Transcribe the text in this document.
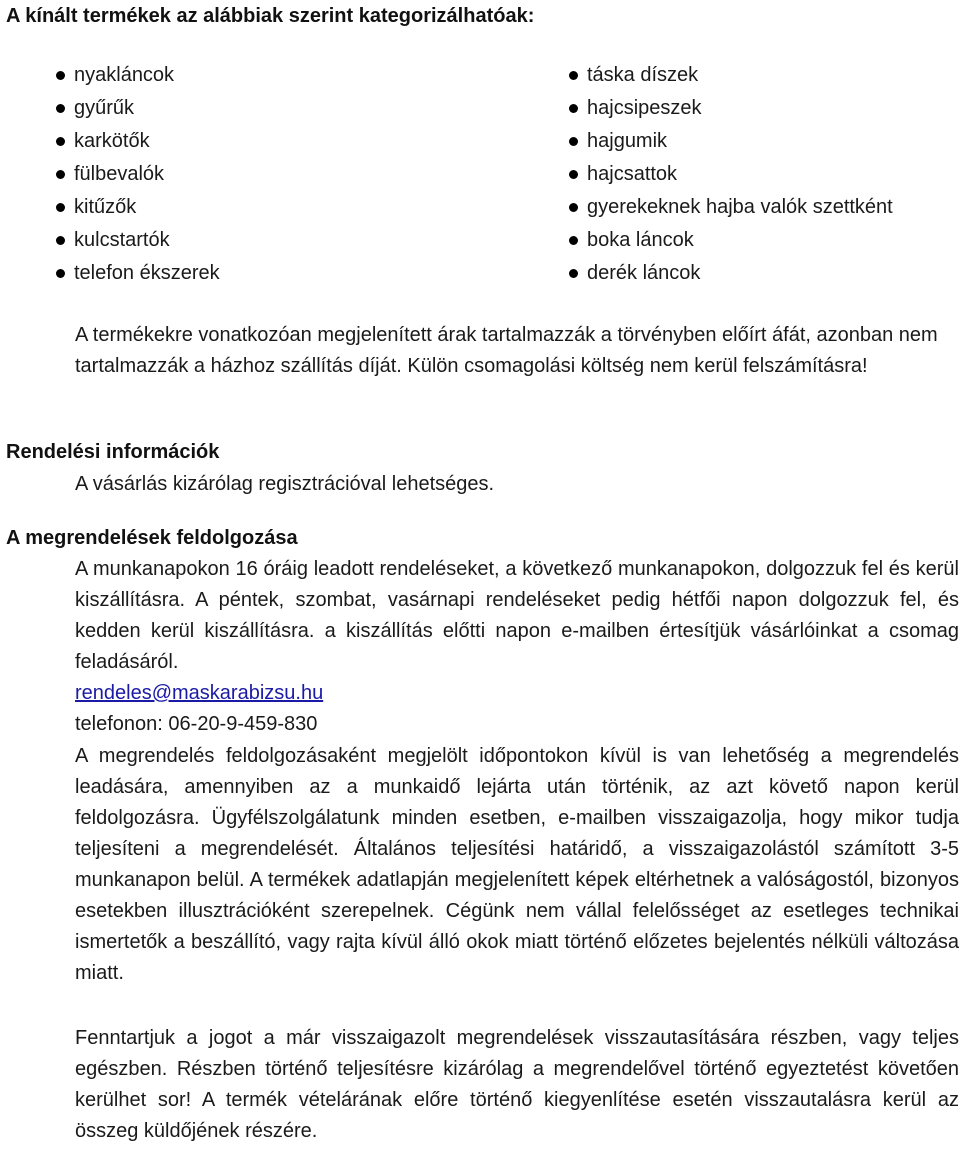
A kínált termékek az alábbiak szerint kategorizálhatóak:
nyakláncok
gyűrűk
karkötők
fülbevalók
kitűzők
kulcstartók
telefon ékszerek
táska díszek
hajcsipeszek
hajgumik
hajcsattok
gyerekeknek hajba valók szettként
boka láncok
derék láncok

A termékekre vonatkozóan megjelenített árak tartalmazzák a törvényben előírt áfát, azonban nem tartalmazzák a házhoz szállítás díját. Külön csomagolási költség nem kerül felszámításra!

Rendelési információk

A vásárlás kizárólag regisztrációval lehetséges.

A megrendelések feldolgozása

A munkanapokon 16 óráig leadott rendeléseket, a következő munkanapokon, dolgozzuk fel és kerül kiszállításra. A péntek, szombat, vasárnapi rendeléseket pedig hétfői napon dolgozzuk fel, és kedden kerül kiszállításra. a kiszállítás előtti napon e-mailben értesítjük vásárlóinkat a csomag feladásáról.

rendeles@maskarabizsu.hu

telefonon: 06-20-9-459-830

A megrendelés feldolgozásaként megjelölt időpontokon kívül is van lehetőség a megrendelés leadására, amennyiben az a munkaidő lejárta után történik, az azt követő napon kerül feldolgozásra. Ügyfélszolgálatunk minden esetben, e-mailben visszaigazolja, hogy mikor tudja teljesíteni a megrendelését. Általános teljesítési határidő, a visszaigazolástól számított 3-5 munkanapon belül. A termékek adatlapján megjelenített képek eltérhetnek a valóságostól, bizonyos esetekben illusztrációként szerepelnek. Cégünk nem vállal felelősséget az esetleges technikai ismertetők a beszállító, vagy rajta kívül álló okok miatt történő előzetes bejelentés nélküli változása miatt.

Fenntartjuk a jogot a már visszaigazolt megrendelések visszautasítására részben, vagy teljes egészben. Részben történő teljesítésre kizárólag a megrendelővel történő egyeztetést követően kerülhet sor! A termék vételárának előre történő kiegyenlítése esetén visszautalásra kerül az összeg küldőjének részére.
